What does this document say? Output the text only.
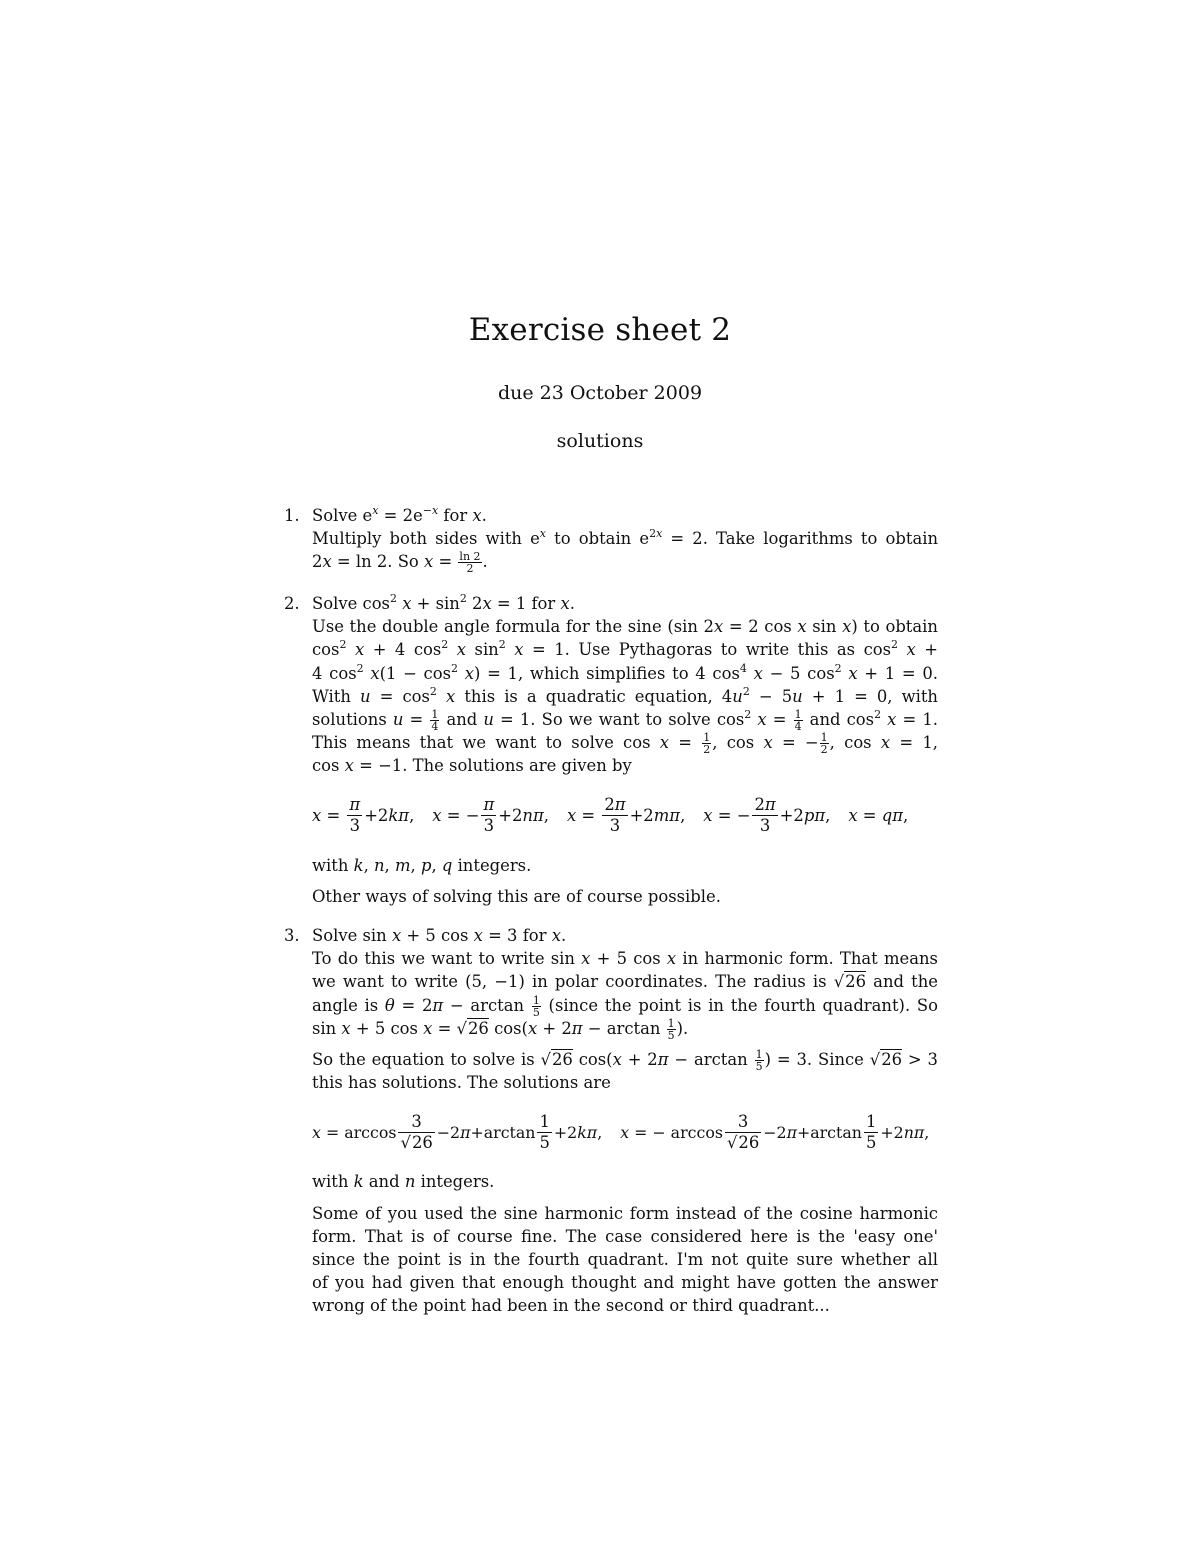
Exercise sheet 2
due 23 October 2009
solutions
1. Solve $e^x = 2e^{-x}$ for x.
Multiply both sides with $e^x$ to obtain $e^{2x} = 2$. Take logarithms to obtain
2x = ln 2. So $x = \frac{\ln 2}{2}$ .
2. Solve $\cos^2 x + \sin^2 2x = 1$ for x.
Use the double angle formula for the sine (sin 2x = 2 cos x sin x) to obtain
$\cos^2 x + 4$ $\cos^2 x$ $\sin^2 x = 1$. Use Pythagoras to write this as $\cos^2 x$ +
4 $\cos^2 x(1 - \cos^2 x) = 1$, which simplifies to 4 $\cos^4 x - 5$ $\cos^2 x + 1 = 0$.
With $u = \cos^2 x$ this is a quadratic equation, $4u^2 - 5u + 1 = 0$, with
solutions $u = \frac{1}{4}$ and u = 1. So we want to solve $\cos^2 x = \frac{1}{4}$ and $\cos^2 x = 1$.
This means that we want to solve $\cos x = \frac{1}{2}$ , cos x = − $\frac{1}{2}$ , cos x = 1,
cos x = −1. The solutions are given by
x =
π
3
+2 kπ , x = −
π
3
+2 nπ , x =
2π
3
+2 mπ , x = −
2π
3
+2 pπ , x = qπ ,
with k, n, m, p, q integers.
Other ways of solving this are of course possible.
3. Solve sin x + 5 cos x = 3 for x.
To do this we want to write sin x + 5 cos x in harmonic form. That means
we want to write (5, −1) in polar coordinates. The radius is √26 and the
angle is $\theta = 2\pi - \arctan \frac{1}{5}$ (since the point is in the fourth quadrant). So
sin x + 5 cos x = √26 $\cos(x + 2\pi - \arctan \frac{1}{5}$ ).
So the equation to solve is √26 $\cos(x + 2\pi - \arctan \frac{1}{5}$ ) = 3. Since √26 > 3
this has solutions. The solutions are
x = arccos
3
√26
−2 π +arctan
1
5
+2 kπ , x = − arccos
3
√26
−2 π +arctan
1
5
+2 nπ ,
with k and n integers.
Some of you used the sine harmonic form instead of the cosine harmonic
form. That is of course fine. The case considered here is the 'easy one'
since the point is in the fourth quadrant. I'm not quite sure whether all
of you had given that enough thought and might have gotten the answer
wrong of the point had been in the second or third quadrant...
